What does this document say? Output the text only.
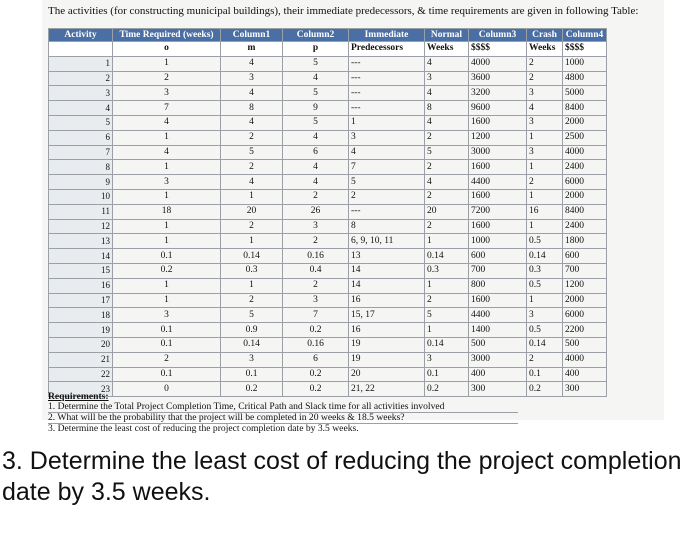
The activities (for constructing municipal buildings), their immediate predecessors, & time requirements are given in following Table:
Activity	Time Required (weeks)	Column1	Column2	Immediate	Normal	Column3	Crash	Column4
	o	m	p	Predecessors	Weeks	$$$$	Weeks	$$$$
1	1	4	5	---	4	4000	2	1000
2	2	3	4	---	3	3600	2	4800
3	3	4	5	---	4	3200	3	5000
4	7	8	9	---	8	9600	4	8400
5	4	4	5	1	4	1600	3	2000
6	1	2	4	3	2	1200	1	2500
7	4	5	6	4	5	3000	3	4000
8	1	2	4	7	2	1600	1	2400
9	3	4	4	5	4	4400	2	6000
10	1	1	2	2	2	1600	1	2000
11	18	20	26	---	20	7200	16	8400
12	1	2	3	8	2	1600	1	2400
13	1	1	2	6, 9, 10, 11	1	1000	0.5	1800
14	0.1	0.14	0.16	13	0.14	600	0.14	600
15	0.2	0.3	0.4	14	0.3	700	0.3	700
16	1	1	2	14	1	800	0.5	1200
17	1	2	3	16	2	1600	1	2000
18	3	5	7	15, 17	5	4400	3	6000
19	0.1	0.9	0.2	16	1	1400	0.5	2200
20	0.1	0.14	0.16	19	0.14	500	0.14	500
21	2	3	6	19	3	3000	2	4000
22	0.1	0.1	0.2	20	0.1	400	0.1	400
23	0	0.2	0.2	21, 22	0.2	300	0.2	300
Requirements:
1. Determine the Total Project Completion Time, Critical Path and Slack time for all activities involved
2. What will be the probability that the project will be completed in 20 weeks & 18.5 weeks?
3. Determine the least cost of reducing the project completion date by 3.5 weeks.
3. Determine the least cost of reducing the project completion date by 3.5 weeks.
